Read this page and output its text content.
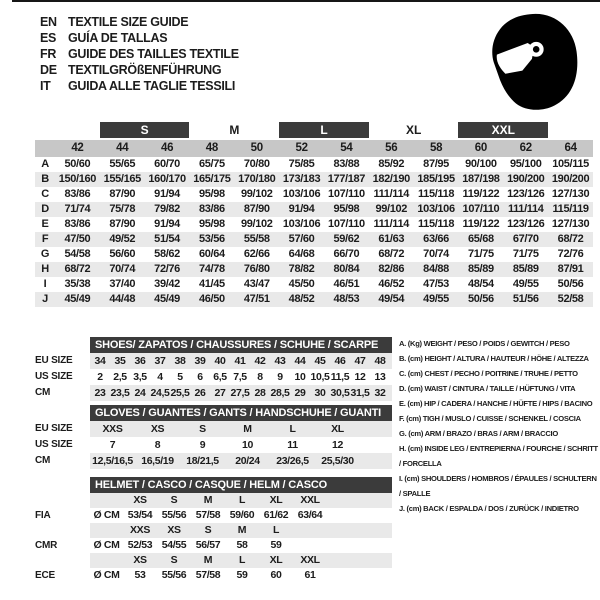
EN TEXTILE SIZE GUIDE
ES GUÍA DE TALLAS
FR GUIDE DES TAILLES TEXTILE
DE TEXTILGRÖßENFÜHRUNG
IT	GUIDA ALLE TAGLIE TESSILI
S	M	L	XL	XXL
42	44	46	48	50	52	54	56	58	60	62	64
A	50/60	55/65	60/70	65/75	70/80	75/85	83/88	85/92	87/95	90/100	95/100 105/115
B 150/160 155/165 160/170 165/175 170/180 173/183 177/187 182/190 185/195 187/198 190/200 190/200
C	83/86	87/90	91/94	95/98	99/102 103/106 107/110 111/114 115/118 119/122 123/126 127/130
D	71/74	75/78	79/82	83/86	87/90	91/94	95/98	99/102 103/106 107/110 111/114 115/119
E	83/86	87/90	91/94	95/98	99/102 103/106 107/110 111/114 115/118 119/122 123/126 127/130
F	47/50	49/52	51/54	53/56	55/58	57/60	59/62	61/63	63/66	65/68	67/70	68/72
G	54/58	56/60	58/62	60/64	62/66	64/68	66/70	68/72	70/74	71/75	71/75	72/76
H	68/72	70/74	72/76	74/78	76/80	78/82	80/84	82/86	84/88	85/89	85/89	87/91
I	35/38	37/40	39/42	41/45	43/47	45/50	46/51	46/52	47/53	48/54	49/55	50/56
J	45/49	44/48	45/49	46/50	47/51	48/52	48/53	49/54	49/55	50/56	51/56	52/58
SHOES/ ZAPATOS / CHAUSSURES / SCHUHE / SCARPE
EU SIZE	34 35 36 37 38 39 40 41 42 43 44 45 46 47 48
US SIZE	2 2,5 3,5 4	5	6 6,5 7,5 8	9	10 10,5 11,5 12 13
CM	23 23,5 24 24,5 25,5 26 27 27,5 28 28,5 29 30 30,5 31,5 32
GLOVES / GUANTES / GANTS / HANDSCHUHE / GUANTI
EU SIZE	XXS	XS	S	M	L	XL
US SIZE	7	8	9	10	11	12
CM	12,5/16,5 16,5/19	18/21,5	20/24	23/26,5	25,5/30
HELMET / CASCO / CASQUE / HELM / CASCO
XS	S	M	L	XL	XXL
FIA	Ø CM 53/54 55/56 57/58 59/60 61/62 63/64
XXS	XS	S	M	L
CMR	Ø CM 52/53 54/55 56/57	58	59
XS	S	M	L	XL	XXL
ECE	Ø CM	53	55/56 57/58	59	60	61
A. (Kg) WEIGHT / PESO / POIDS / GEWITCH / PESO
B. (cm) HEIGHT / ALTURA / HAUTEUR / HÖHE / ALTEZZA
C. (cm) CHEST / PECHO / POITRINE / TRUHE / PETTO
D. (cm) WAIST / CINTURA / TAILLE / HÜFTUNG / VITA
E. (cm) HIP / CADERA / HANCHE / HÜFTE / HIPS / BACINO
F. (cm) TIGH / MUSLO / CUISSE / SCHENKEL / COSCIA
G. (cm) ARM / BRAZO / BRAS / ARM / BRACCIO
H. (cm) INSIDE LEG / ENTREPIERNA / FOURCHE / SCHRITT / FORCELLA
I. (cm) SHOULDERS / HOMBROS / ÉPAULES / SCHULTERN / SPALLE
J. (cm) BACK / ESPALDA / DOS / ZURÜCK / INDIETRO
